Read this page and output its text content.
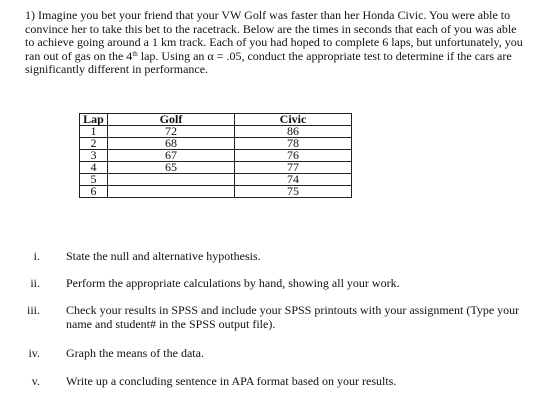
1) Imagine you bet your friend that your VW Golf was faster than her Honda Civic. You were able to convince her to take this bet to the racetrack. Below are the times in seconds that each of you was able to achieve going around a 1 km track. Each of you had hoped to complete 6 laps, but unfortunately, you ran out of gas on the 4th lap. Using an α = .05, conduct the appropriate test to determine if the cars are significantly different in performance.
Lap	Golf	Civic
1	72	86
2	68	78
3	67	76
4	65	77
5		74
6		75
i. State the null and alternative hypothesis.
ii. Perform the appropriate calculations by hand, showing all your work.
iii. Check your results in SPSS and include your SPSS printouts with your assignment (Type your name and student# in the SPSS output file).
iv. Graph the means of the data.
v. Write up a concluding sentence in APA format based on your results.
